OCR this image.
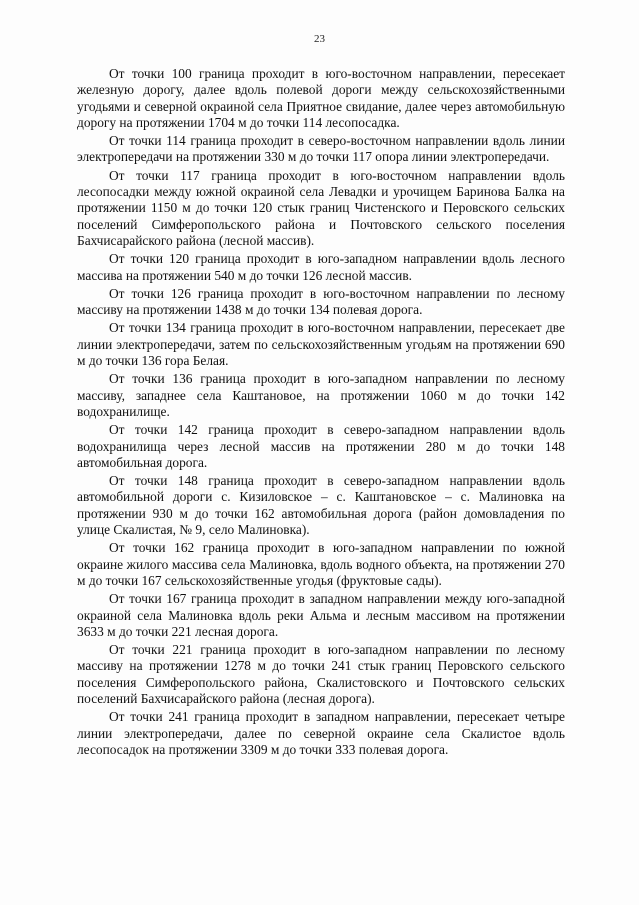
23

От точки 100 граница проходит в юго-восточном направлении, пересекает железную дорогу, далее вдоль полевой дороги между сельскохозяйственными угодьями и северной окраиной села Приятное свидание, далее через автомобильную дорогу на протяжении 1704 м до точки 114 лесопосадка.

От точки 114 граница проходит в северо-восточном направлении вдоль линии электропередачи на протяжении 330 м до точки 117 опора линии электропередачи.

От точки 117 граница проходит в юго-восточном направлении вдоль лесопосадки между южной окраиной села Левадки и урочищем Баринова Балка на протяжении 1150 м до точки 120 стык границ Чистенского и Перовского сельских поселений Симферопольского района и Почтовского сельского поселения Бахчисарайского района (лесной массив).

От точки 120 граница проходит в юго-западном направлении вдоль лесного массива на протяжении 540 м до точки 126 лесной массив.

От точки 126 граница проходит в юго-восточном направлении по лесному массиву на протяжении 1438 м до точки 134 полевая дорога.

От точки 134 граница проходит в юго-восточном направлении, пересекает две линии электропередачи, затем по сельскохозяйственным угодьям на протяжении 690 м до точки 136 гора Белая.

От точки 136 граница проходит в юго-западном направлении по лесному массиву, западнее села Каштановое, на протяжении 1060 м до точки 142 водохранилище.

От точки 142 граница проходит в северо-западном направлении вдоль водохранилища через лесной массив на протяжении 280 м до точки 148 автомобильная дорога.

От точки 148 граница проходит в северо-западном направлении вдоль автомобильной дороги с. Кизиловское – с. Каштановское – с. Малиновка на протяжении 930 м до точки 162 автомобильная дорога (район домовладения по улице Скалистая, № 9, село Малиновка).

От точки 162 граница проходит в юго-западном направлении по южной окраине жилого массива села Малиновка, вдоль водного объекта, на протяжении 270 м до точки 167 сельскохозяйственные угодья (фруктовые сады).

От точки 167 граница проходит в западном направлении между юго-западной окраиной села Малиновка вдоль реки Альма и лесным массивом на протяжении 3633 м до точки 221 лесная дорога.

От точки 221 граница проходит в юго-западном направлении по лесному массиву на протяжении 1278 м до точки 241 стык границ Перовского сельского поселения Симферопольского района, Скалистовского и Почтовского сельских поселений Бахчисарайского района (лесная дорога).

От точки 241 граница проходит в западном направлении, пересекает четыре линии электропередачи, далее по северной окраине села Скалистое вдоль лесопосадок на протяжении 3309 м до точки 333 полевая дорога.
